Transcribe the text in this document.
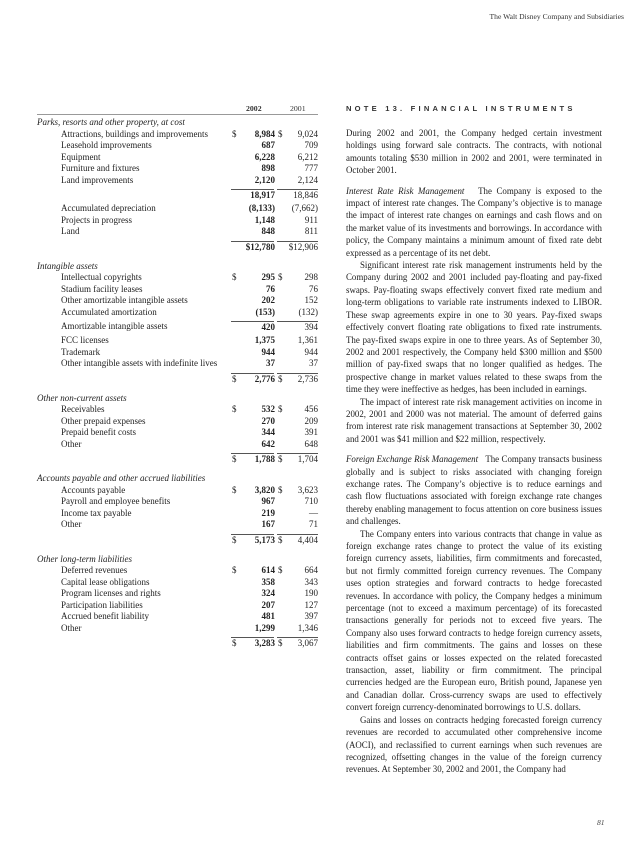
The Walt Disney Company and Subsidiaries
2002	2001
Parks, resorts and other property, at cost
Attractions, buildings and improvements	$ 8,984 $ 9,024
Leasehold improvements	687	709
Equipment	6,228	6,212
Furniture and fixtures	898	777
Land improvements	2,120	2,124
18,917 18,846
Accumulated depreciation	(8,133) (7,662)
Projects in progress	1,148	911
Land	848	811
$12,780 $12,906
Intangible assets
Intellectual copyrights	$	295 $ 298
Stadium facility leases	76	76
Other amortizable intangible assets	202	152
Accumulated amortization	(153)	(132)
Amortizable intangible assets	420	394
FCC licenses	1,375	1,361
Trademark	944	944
Other intangible assets with indefinite lives	37	37
$ 2,776 $ 2,736
Other non-current assets
Receivables	$	532 $ 456
Other prepaid expenses	270	209
Prepaid benefit costs	344	391
Other	642	648
$ 1,788 $ 1,704
Accounts payable and other accrued liabilities
Accounts payable	$ 3,820 $ 3,623
Payroll and employee benefits	967	710
Income tax payable	219	—
Other	167	71
$ 5,173 $ 4,404
Other long-term liabilities
Deferred revenues	$	614 $ 664
Capital lease obligations	358	343
Program licenses and rights	324	190
Participation liabilities	207	127
Accrued benefit liability	481	397
Other	1,299	1,346
$ 3,283 $ 3,067
NOTE 13. FINANCIAL INSTRUMENTS

During 2002 and 2001, the Company hedged certain investment holdings using forward sale contracts. The contracts, with notional amounts totaling $530 million in 2002 and 2001, were terminated in October 2001.

Interest Rate Risk Management The Company is exposed to the impact of interest rate changes. The Company’s objective is to manage the impact of interest rate changes on earnings and cash flows and on the market value of its investments and borrowings. In accordance with policy, the Company maintains a minimum amount of fixed rate debt expressed as a percentage of its net debt.

Significant interest rate risk management instruments held by the Company during 2002 and 2001 included pay-floating and pay-fixed swaps. Pay-floating swaps effectively convert fixed rate medium and long-term obligations to variable rate instruments indexed to LIBOR. These swap agreements expire in one to 30 years. Pay-fixed swaps effectively convert floating rate obligations to fixed rate instruments. The pay-fixed swaps expire in one to three years. As of September 30, 2002 and 2001 respectively, the Company held $300 million and $500 million of pay-fixed swaps that no longer qualified as hedges. The prospective change in market values related to these swaps from the time they were ineffective as hedges, has been included in earnings.

The impact of interest rate risk management activities on income in 2002, 2001 and 2000 was not material. The amount of deferred gains from interest rate risk management transactions at September 30, 2002 and 2001 was $41 million and $22 million, respectively.

Foreign Exchange Risk Management The Company transacts business globally and is subject to risks associated with changing foreign exchange rates. The Company’s objective is to reduce earnings and cash flow fluctuations associated with foreign exchange rate changes thereby enabling management to focus attention on core business issues and challenges.

The Company enters into various contracts that change in value as foreign exchange rates change to protect the value of its existing foreign currency assets, liabilities, firm commitments and forecasted, but not firmly committed foreign currency revenues. The Company uses option strategies and forward contracts to hedge forecasted revenues. In accordance with policy, the Company hedges a minimum percentage (not to exceed a maximum percentage) of its forecasted transactions generally for periods not to exceed five years. The Company also uses forward contracts to hedge foreign currency assets, liabilities and firm commitments. The gains and losses on these contracts offset gains or losses expected on the related forecasted transaction, asset, liability or firm commitment. The principal currencies hedged are the European euro, British pound, Japanese yen and Canadian dollar. Cross-currency swaps are used to effectively convert foreign currency-denominated borrowings to U.S. dollars.

Gains and losses on contracts hedging forecasted foreign currency revenues are recorded to accumulated other comprehensive income (AOCI), and reclassified to current earnings when such revenues are recognized, offsetting changes in the value of the foreign currency revenues. At September 30, 2002 and 2001, the Company had

81
